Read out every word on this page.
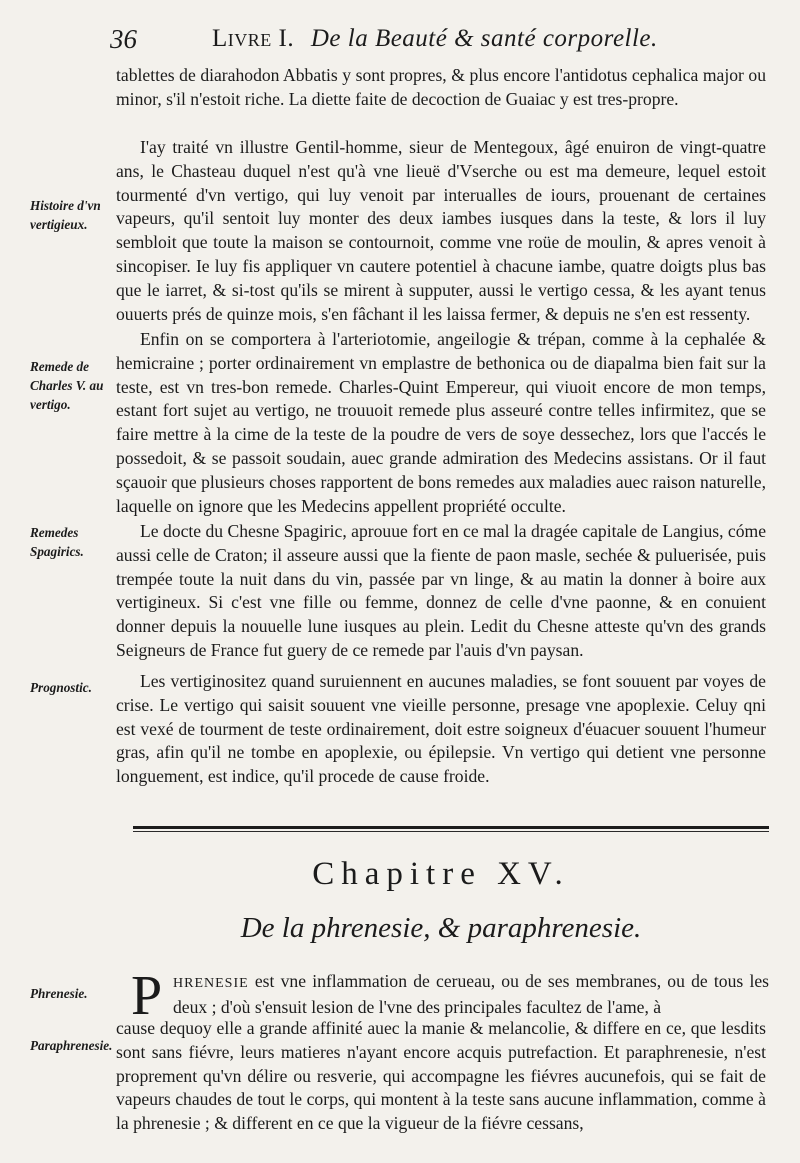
36	Livre I. De la Beauté & santé corporelle.

tablettes de diarahodon Abbatis y sont propres, & plus encore l'antidotus cephalica major ou minor, s'il n'estoit riche. La diette faite de decoction de Guaiac y est tres-propre.

I'ay traité vn illustre Gentil-homme, sieur de Mentegoux, âgé enuiron de vingt-quatre ans, le Chasteau duquel n'est qu'à vne lieuë d'Vserche ou est ma demeure, lequel estoit tourmenté d'vn vertigo, qui luy venoit par interualles de iours, prouenant de certaines vapeurs, qu'il sentoit luy monter des deux iambes iusques dans la teste, & lors il luy sembloit que toute la maison se contournoit, comme vne roüe de moulin, & apres venoit à sincopiser. Ie luy fis appliquer vn cautere potentiel à chacune iambe, quatre doigts plus bas que le iarret, & si-tost qu'ils se mirent à supputer, aussi le vertigo cessa, & les ayant tenus ouuerts prés de quinze mois, s'en fâchant il les laissa fermer, & depuis ne s'en est ressenty.

Enfin on se comportera à l'arteriotomie, angeilogie & trépan, comme à la cephalée & hemicraine ; porter ordinairement vn emplastre de bethonica ou de diapalma bien fait sur la teste, est vn tres-bon remede. Charles-Quint Empereur, qui viuoit encore de mon temps, estant fort sujet au vertigo, ne trouuoit remede plus asseuré contre telles infirmitez, que se faire mettre à la cime de la teste de la poudre de vers de soye dessechez, lors que l'accés le possedoit, & se passoit soudain, auec grande admiration des Medecins assistans. Or il faut sçauoir que plusieurs choses rapportent de bons remedes aux maladies auec raison naturelle, laquelle on ignore que les Medecins appellent propriété occulte.

Le docte du Chesne Spagiric, aprouue fort en ce mal la dragée capitale de Langius, cóme aussi celle de Craton; il asseure aussi que la fiente de paon masle, sechée & puluerisée, puis trempée toute la nuit dans du vin, passée par vn linge, & au matin la donner à boire aux vertigineux. Si c'est vne fille ou femme, donnez de celle d'vne paonne, & en conuient donner depuis la nouuelle lune iusques au plein. Ledit du Chesne atteste qu'vn des grands Seigneurs de France fut guery de ce remede par l'auis d'vn paysan.

Les vertiginositez quand suruiennent en aucunes maladies, se font souuent par voyes de crise. Le vertigo qui saisit souuent vne vieille personne, presage vne apoplexie. Celuy qni est vexé de tourment de teste ordinairement, doit estre soigneux d'éuacuer souuent l'humeur gras, afin qu'il ne tombe en apoplexie, ou épilepsie. Vn vertigo qui detient vne personne longuement, est indice, qu'il procede de cause froide.

Histoire d'vn vertigieux.
Remede de Charles V. au vertigo.
Remedes Spagirics.
Prognostic.
Phrenesie.
Paraphrenesie.
Chapitre XV.
De la phrenesie, & paraphrenesie.
P HRENESIE est vne inflammation de cerueau, ou de ses membranes, ou de tous les deux ; d'où s'ensuit lesion de l'vne des principales facultez de l'ame, à

cause dequoy elle a grande affinité auec la manie & melancolie, & differe en ce, que lesdits sont sans fiévre, leurs matieres n'ayant encore acquis putrefaction. Et paraphrenesie, n'est proprement qu'vn délire ou resverie, qui accompagne les fiévres aucunefois, qui se fait de vapeurs chaudes de tout le corps, qui montent à la teste sans aucune inflammation, comme à la phrenesie ; & different en ce que la vigueur de la fiévre cessans,
